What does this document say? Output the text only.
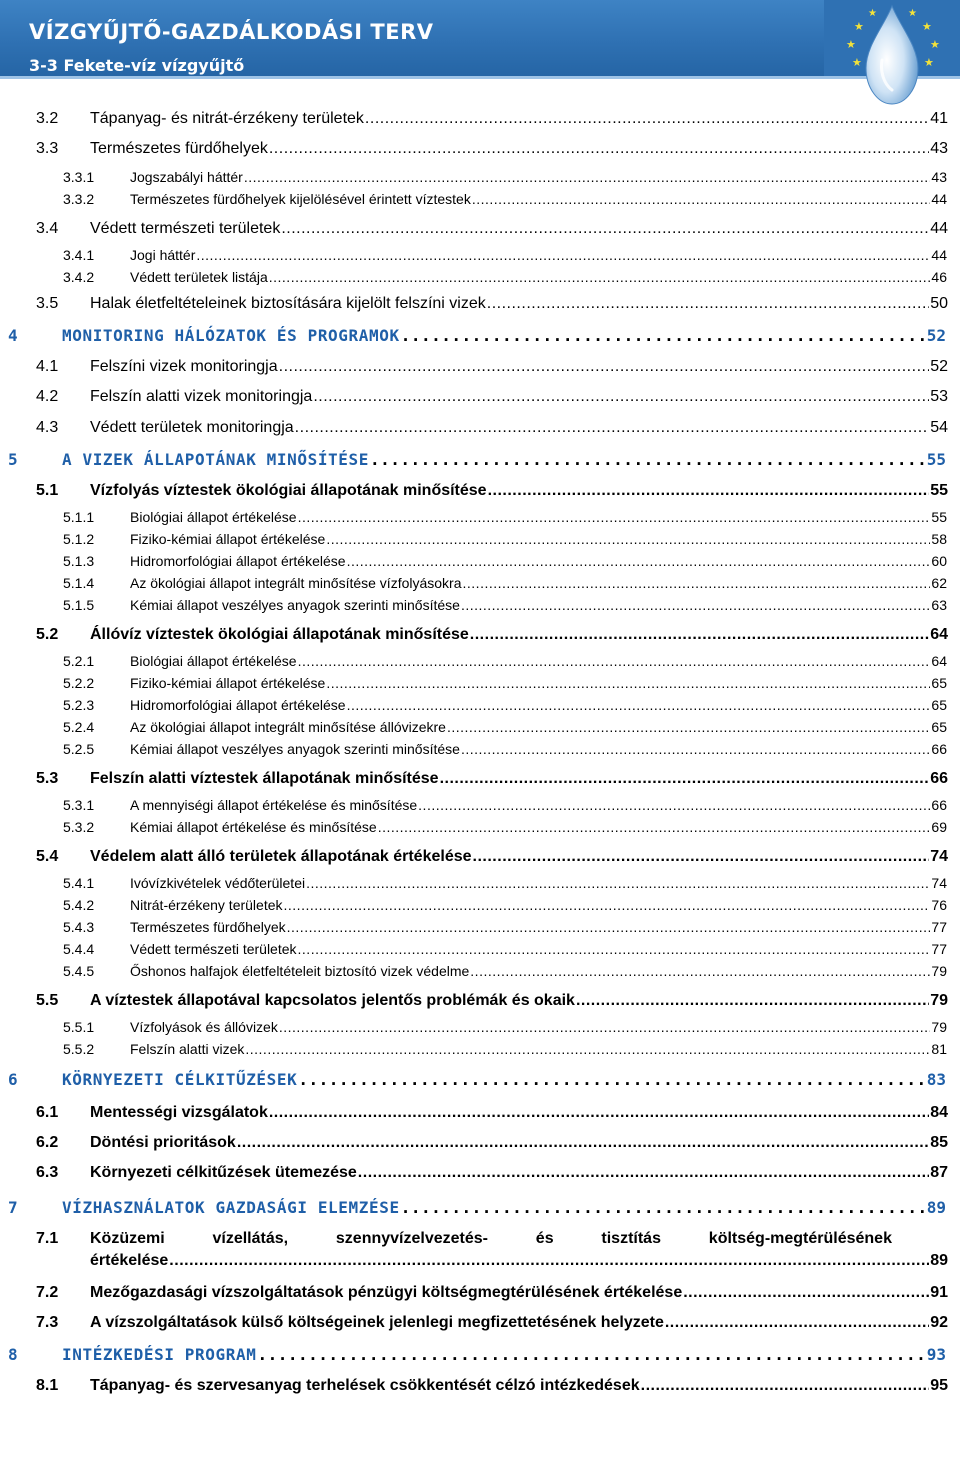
VÍZGYŰJTŐ-GAZDÁLKODÁSI TERV
3-3 Fekete-víz vízgyűjtő
★
★
★
★
★
★
★	★
3.2	Tápanyag- és nitrát-érzékeny területek .....	41
3.3	Természetes fürdőhelyek .....	43
3.3.1	Jogszabályi háttér .....	43
3.3.2	Természetes fürdőhelyek kijelölésével érintett víztestek .....	44
3.4	Védett természeti területek .....	44
3.4.1	Jogi háttér .....	44
3.4.2	Védett területek listája .....	46
3.5	Halak életfeltételeinek biztosítására kijelölt felszíni vizek .....	50
4	MONITORING HÁLÓZATOK ÉS PROGRAMOK .....	52
4.1	Felszíni vizek monitoringja .....	52
4.2	Felszín alatti vizek monitoringja .....	53
4.3	Védett területek monitoringja .....	54
5	A VIZEK ÁLLAPOTÁNAK MINŐSÍTÉSE .....	55
5.1	Vízfolyás víztestek ökológiai állapotának minősítése .....	55
5.1.1	Biológiai állapot értékelése .....	55
5.1.2	Fiziko-kémiai állapot értékelése .....	58
5.1.3	Hidromorfológiai állapot értékelése .....	60
5.1.4	Az ökológiai állapot integrált minősítése vízfolyásokra .....	62
5.1.5	Kémiai állapot veszélyes anyagok szerinti minősítése .....	63
5.2	Állóvíz víztestek ökológiai állapotának minősítése .....	64
5.2.1	Biológiai állapot értékelése .....	64
5.2.2	Fiziko-kémiai állapot értékelése .....	65
5.2.3	Hidromorfológiai állapot értékelése .....	65
5.2.4	Az ökológiai állapot integrált minősítése állóvizekre .....	65
5.2.5	Kémiai állapot veszélyes anyagok szerinti minősítése .....	66
5.3	Felszín alatti víztestek állapotának minősítése .....	66
5.3.1	A mennyiségi állapot értékelése és minősítése .....	66
5.3.2	Kémiai állapot értékelése és minősítése .....	69
5.4	Védelem alatt álló területek állapotának értékelése .....	74
5.4.1	Ivóvízkivételek védőterületei .....	74
5.4.2	Nitrát-érzékeny területek .....	76
5.4.3	Természetes fürdőhelyek .....	77
5.4.4	Védett természeti területek .....	77
5.4.5	Őshonos halfajok életfeltételeit biztosító vizek védelme .....	79
5.5	A víztestek állapotával kapcsolatos jelentős problémák és okaik .....	79
5.5.1	Vízfolyások és állóvizek .....	79
5.5.2	Felszín alatti vizek .....	81
6	KÖRNYEZETI CÉLKITŰZÉSEK .....	83
6.1	Mentességi vizsgálatok .....	84
6.2	Döntési prioritások .....	85
6.3	Környezeti célkitűzések ütemezése .....	87
7	VÍZHASZNÁLATOK GAZDASÁGI ELEMZÉSE .....	89
7.1	Közüzemi	vízellátás,	szennyvízelvezetés-	és	tisztítás	költség-megtérülésének
értékelése .....	89
7.2	Mezőgazdasági vízszolgáltatások pénzügyi költségmegtérülésének értékelése .....	91
7.3	A vízszolgáltatások külső költségeinek jelenlegi megfizettetésének helyzete .....	92
8	INTÉZKEDÉSI PROGRAM .....	93
8.1	Tápanyag- és szervesanyag terhelések csökkentését célzó intézkedések .....	95
